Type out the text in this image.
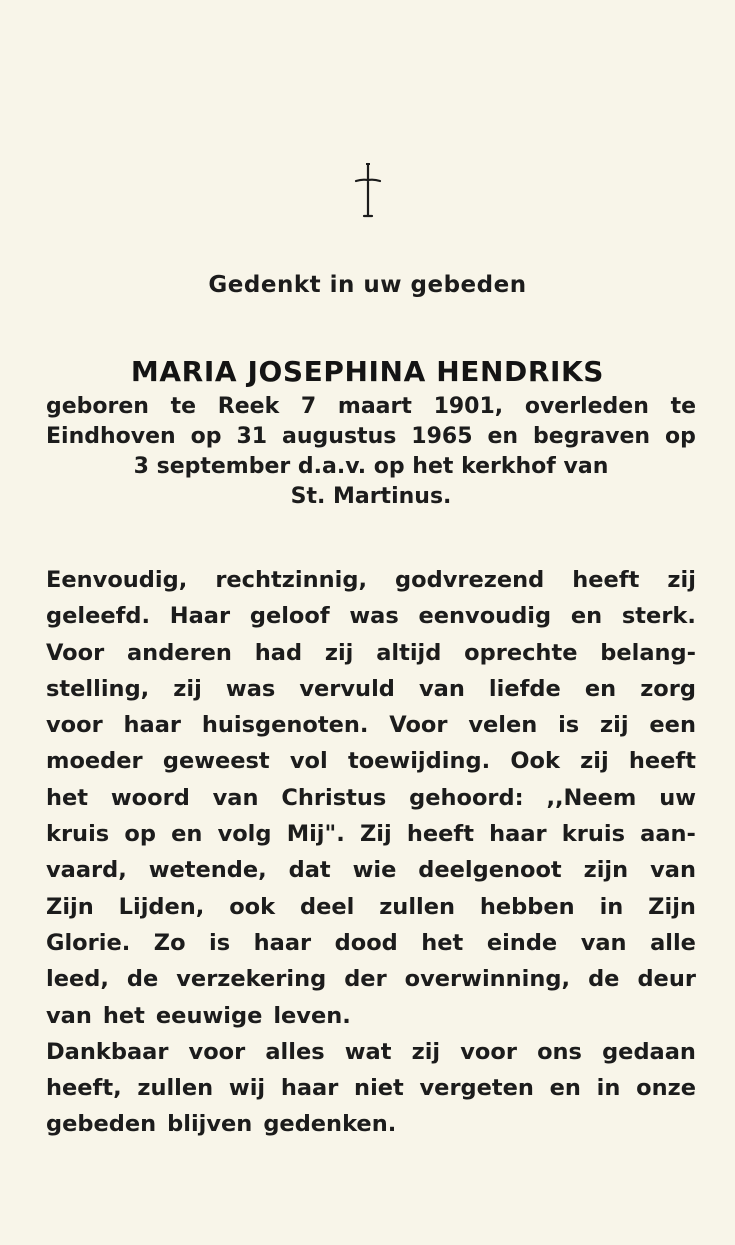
Gedenkt in uw gebeden
MARIA JOSEPHINA HENDRIKS
geboren te Reek 7 maart 1901, overleden te
Eindhoven op 31 augustus 1965 en begraven op
3 september d.a.v. op het kerkhof van
St. Martinus.
Eenvoudig, rechtzinnig, godvrezend heeft zij
geleefd. Haar geloof was eenvoudig en sterk.
Voor anderen had zij altijd oprechte belang-
stelling, zij was vervuld van liefde en zorg
voor haar huisgenoten. Voor velen is zij een
moeder geweest vol toewijding. Ook zij heeft
het woord van Christus gehoord: ,,Neem uw
kruis op en volg Mij". Zij heeft haar kruis aan-
vaard, wetende, dat wie deelgenoot zijn van
Zijn Lijden, ook deel zullen hebben in Zijn
Glorie. Zo is haar dood het einde van alle
leed, de verzekering der overwinning, de deur
van het eeuwige leven.
Dankbaar voor alles wat zij voor ons gedaan
heeft, zullen wij haar niet vergeten en in onze
gebeden blijven gedenken.
